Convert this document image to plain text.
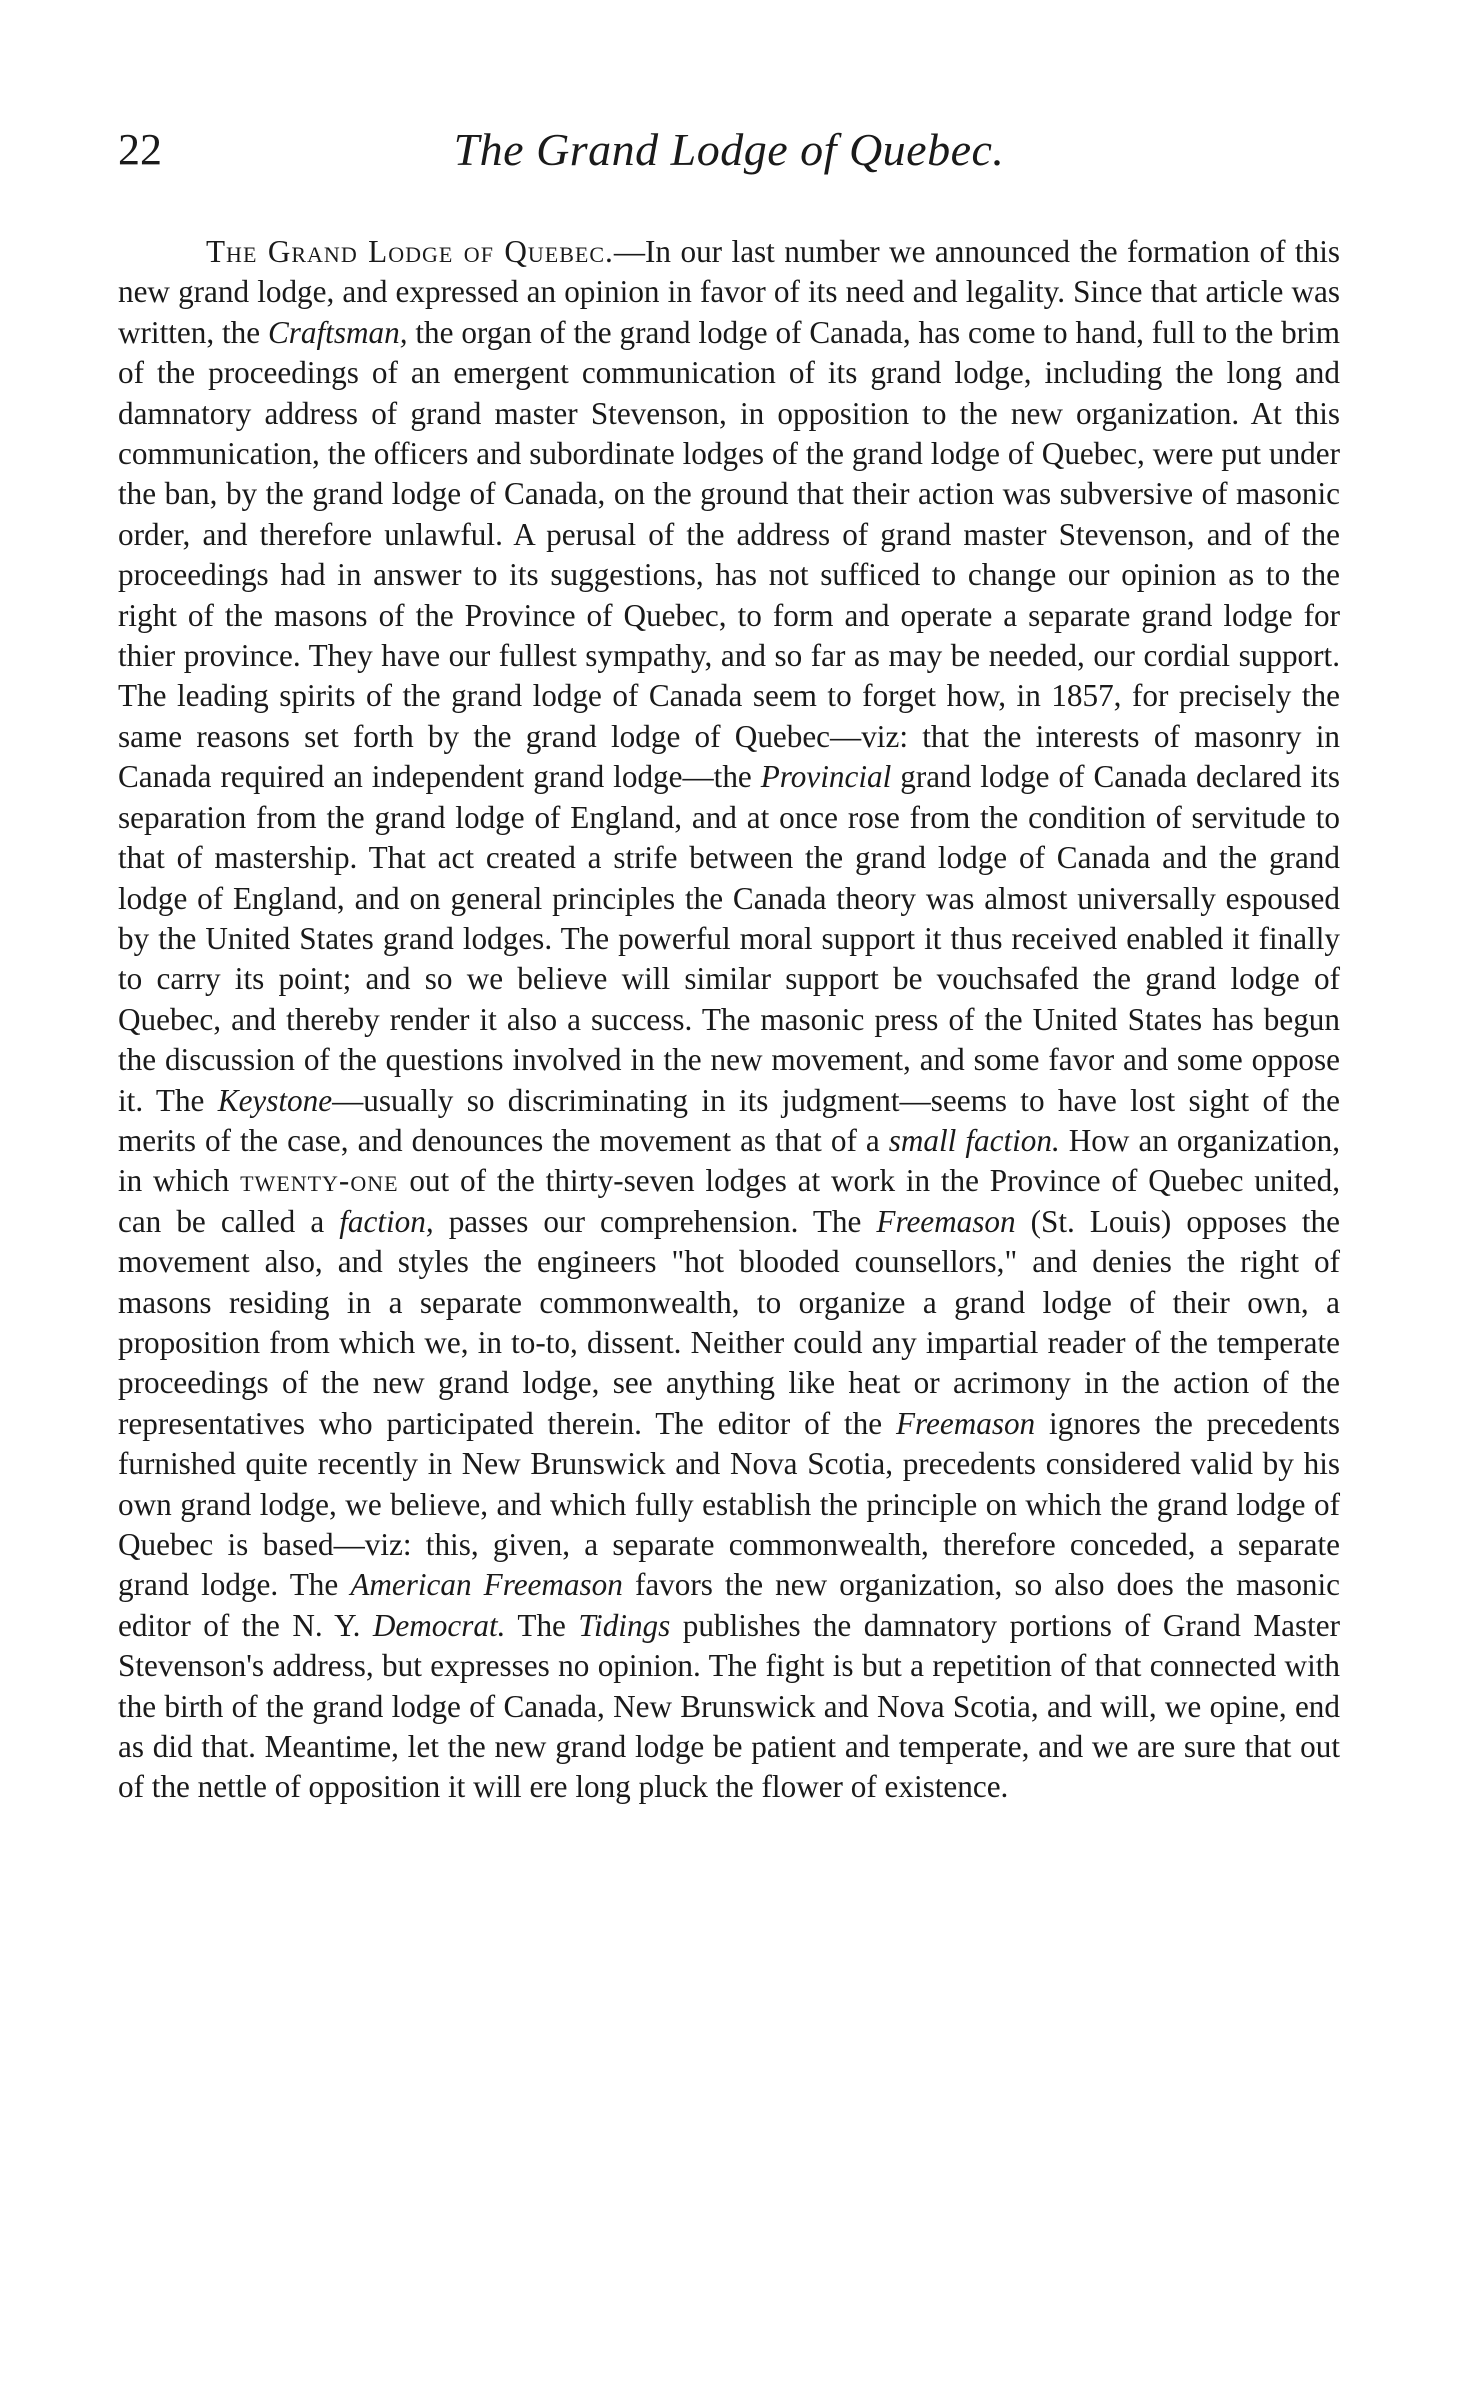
22	The Grand Lodge of Quebec.

The Grand Lodge of Quebec.—In our last number we announced the formation of this new grand lodge, and expressed an opinion in favor of its need and legality. Since that article was written, the Craftsman, the organ of the grand lodge of Canada, has come to hand, full to the brim of the proceedings of an emergent communication of its grand lodge, including the long and damnatory address of grand master Stevenson, in opposition to the new organization. At this communication, the officers and subordinate lodges of the grand lodge of Quebec, were put under the ban, by the grand lodge of Canada, on the ground that their action was subversive of masonic order, and therefore unlawful. A perusal of the address of grand master Stevenson, and of the proceedings had in answer to its suggestions, has not sufficed to change our opinion as to the right of the masons of the Province of Quebec, to form and operate a separate grand lodge for thier province. They have our fullest sympathy, and so far as may be needed, our cordial support. The leading spirits of the grand lodge of Canada seem to forget how, in 1857, for precisely the same reasons set forth by the grand lodge of Quebec—viz: that the interests of masonry in Canada required an independent grand lodge—the Provincial grand lodge of Canada declared its separation from the grand lodge of England, and at once rose from the condition of servitude to that of mastership. That act created a strife between the grand lodge of Canada and the grand lodge of England, and on general principles the Canada theory was almost universally espoused by the United States grand lodges. The powerful moral support it thus received enabled it finally to carry its point; and so we believe will similar support be vouchsafed the grand lodge of Quebec, and thereby render it also a success. The masonic press of the United States has begun the discussion of the questions involved in the new movement, and some favor and some oppose it. The Keystone—usually so discriminating in its judgment—seems to have lost sight of the merits of the case, and denounces the movement as that of a small faction. How an organization, in which twenty-one out of the thirty-seven lodges at work in the Province of Quebec united, can be called a faction, passes our comprehension. The Freemason (St. Louis) opposes the movement also, and styles the engineers "hot blooded counsellors," and denies the right of masons residing in a separate commonwealth, to organize a grand lodge of their own, a proposition from which we, in to-to, dissent. Neither could any impartial reader of the temperate proceedings of the new grand lodge, see anything like heat or acrimony in the action of the representatives who participated therein. The editor of the Freemason ignores the precedents furnished quite recently in New Brunswick and Nova Scotia, precedents considered valid by his own grand lodge, we believe, and which fully establish the principle on which the grand lodge of Quebec is based—viz: this, given, a separate commonwealth, therefore conceded, a separate grand lodge. The American Freemason favors the new organization, so also does the masonic editor of the N. Y. Democrat. The Tidings publishes the damnatory portions of Grand Master Stevenson's address, but expresses no opinion. The fight is but a repetition of that connected with the birth of the grand lodge of Canada, New Brunswick and Nova Scotia, and will, we opine, end as did that. Meantime, let the new grand lodge be patient and temperate, and we are sure that out of the nettle of opposition it will ere long pluck the flower of existence.
